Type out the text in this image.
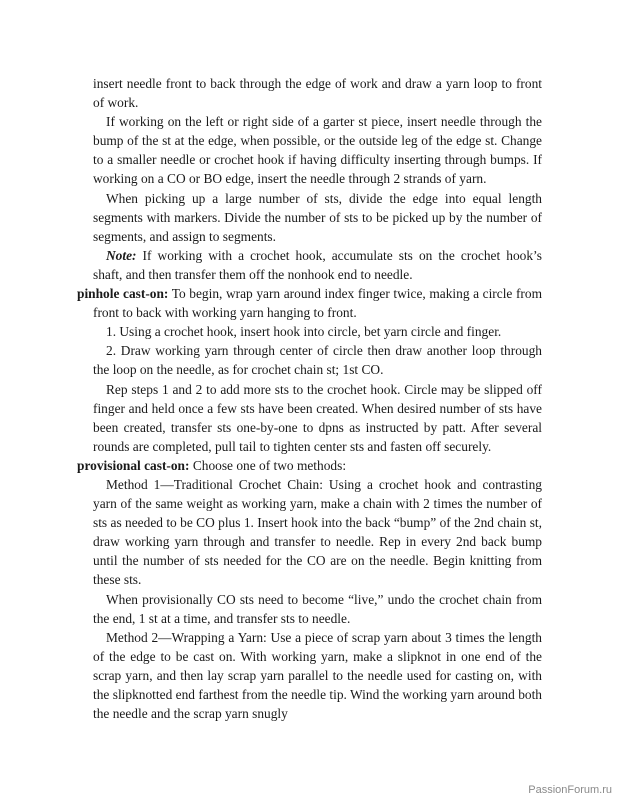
insert needle front to back through the edge of work and draw a yarn loop to front of work.

If working on the left or right side of a garter st piece, insert needle through the bump of the st at the edge, when possible, or the outside leg of the edge st. Change to a smaller needle or crochet hook if having difficulty inserting through bumps. If working on a CO or BO edge, insert the needle through 2 strands of yarn.

When picking up a large number of sts, divide the edge into equal length segments with markers. Divide the number of sts to be picked up by the number of segments, and assign to segments.

Note: If working with a crochet hook, accumulate sts on the crochet hook’s shaft, and then transfer them off the nonhook end to needle.

pinhole cast-on: To begin, wrap yarn around index finger twice, making a circle from front to back with working yarn hanging to front.

1. Using a crochet hook, insert hook into circle, bet yarn circle and finger.

2. Draw working yarn through center of circle then draw another loop through the loop on the needle, as for crochet chain st; 1st CO.

Rep steps 1 and 2 to add more sts to the crochet hook. Circle may be slipped off finger and held once a few sts have been created. When desired number of sts have been created, transfer sts one-by-one to dpns as instructed by patt. After several rounds are completed, pull tail to tighten center sts and fasten off securely.

provisional cast-on: Choose one of two methods:

Method 1—Traditional Crochet Chain: Using a crochet hook and contrasting yarn of the same weight as working yarn, make a chain with 2 times the number of sts as needed to be CO plus 1. Insert hook into the back “bump” of the 2nd chain st, draw working yarn through and transfer to needle. Rep in every 2nd back bump until the number of sts needed for the CO are on the needle. Begin knitting from these sts.

When provisionally CO sts need to become “live,” undo the crochet chain from the end, 1 st at a time, and transfer sts to needle.

Method 2—Wrapping a Yarn: Use a piece of scrap yarn about 3 times the length of the edge to be cast on. With working yarn, make a slipknot in one end of the scrap yarn, and then lay scrap yarn parallel to the needle used for casting on, with the slipknotted end farthest from the needle tip. Wind the working yarn around both the needle and the scrap yarn snugly

PassionForum.ru
